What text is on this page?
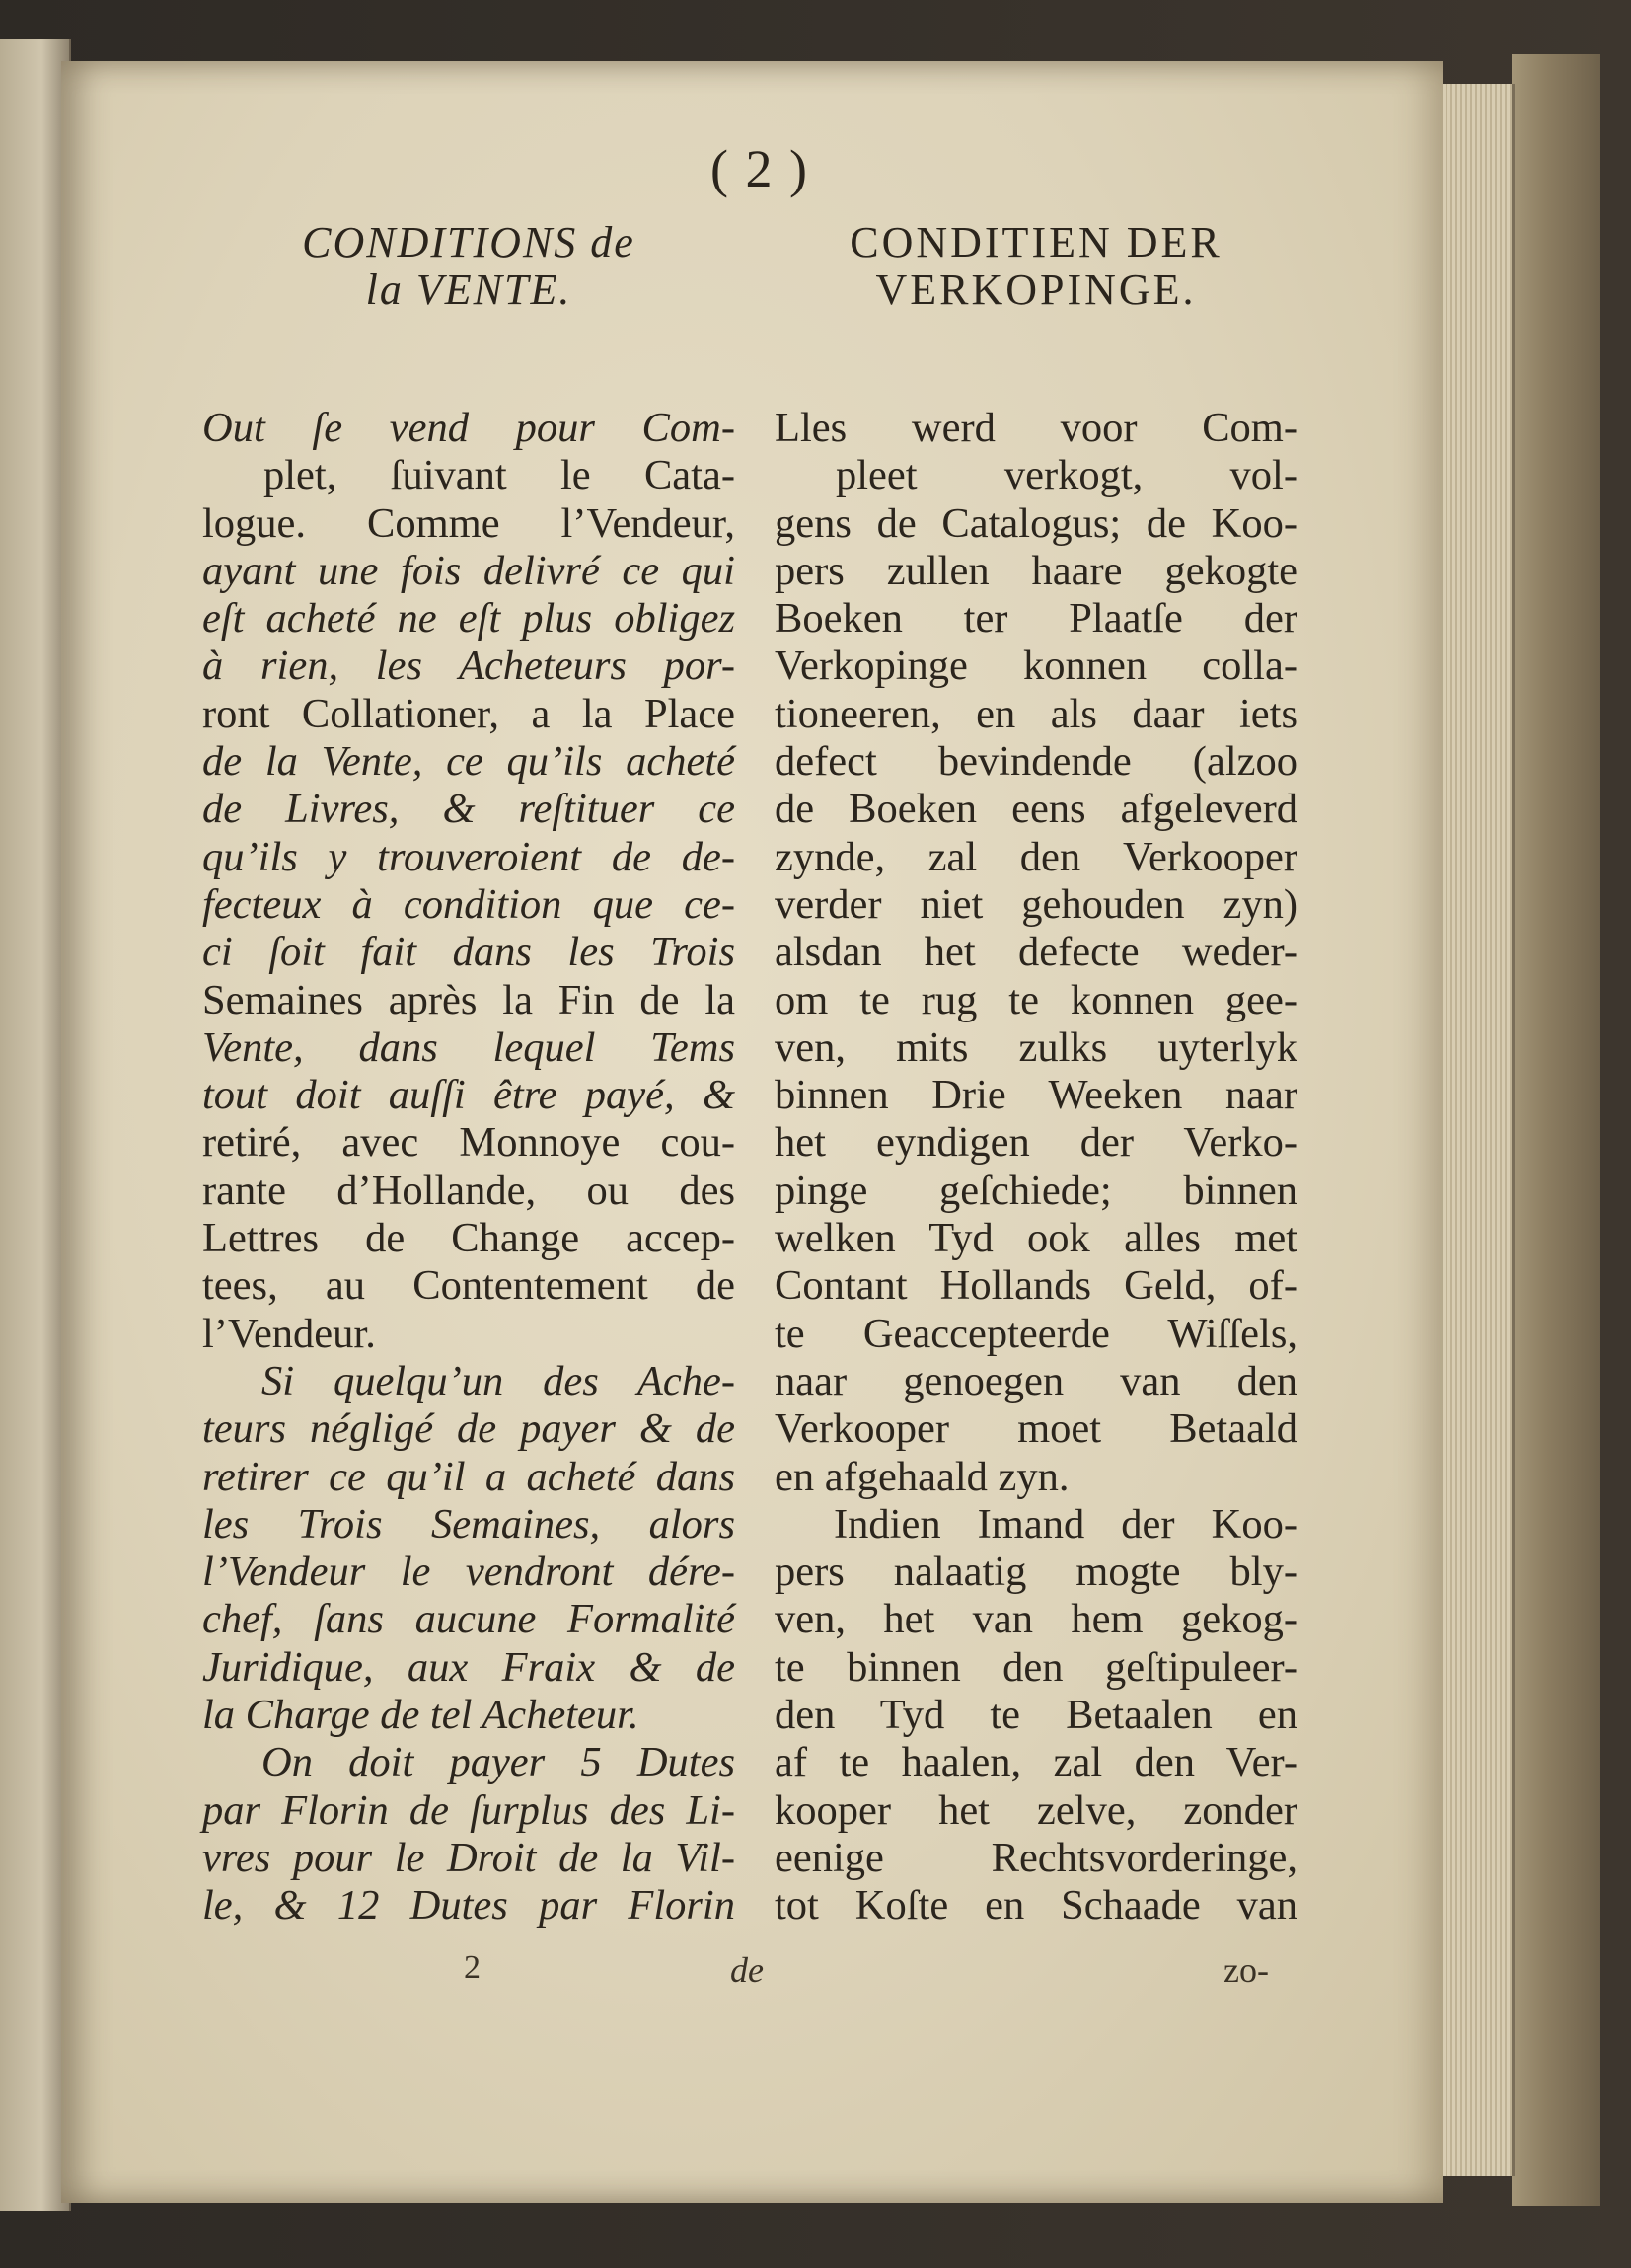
( 2 )
CONDITIONS de
la VENTE.
Out ſe vend pour Com-
plet, ſuivant le Cata-
logue. Comme l’Vendeur,
ayant une fois delivré ce qui
eſt acheté ne eſt plus obligez
à rien, les Acheteurs por-
ront Collationer, a la Place
de la Vente, ce qu’ils acheté
de Livres, & reſtituer ce
qu’ils y trouveroient de de-
fecteux à condition que ce-
ci ſoit fait dans les Trois
Semaines après la Fin de la
Vente, dans lequel Tems
tout doit auſſi être payé, &
retiré, avec Monnoye cou-
rante d’Hollande, ou des
Lettres de Change accep-
tees, au Contentement de
l’Vendeur.
Si quelqu’un des Ache-
teurs négligé de payer & de
retirer ce qu’il a acheté dans
les Trois Semaines, alors
l’Vendeur le vendront dére-
chef, ſans aucune Formalité
Juridique, aux Fraix & de
la Charge de tel Acheteur.
On doit payer 5 Dutes
par Florin de ſurplus des Li-
vres pour le Droit de la Vil-
le, & 12 Dutes par Florin
CONDITIEN DER
VERKOPINGE.
Lles werd voor Com-
pleet verkogt, vol-
gens de Catalogus; de Koo-
pers zullen haare gekogte
Boeken ter Plaatſe der
Verkopinge konnen colla-
tioneeren, en als daar iets
defect bevindende (alzoo
de Boeken eens afgeleverd
zynde, zal den Verkooper
verder niet gehouden zyn)
alsdan het defecte weder-
om te rug te konnen gee-
ven, mits zulks uyterlyk
binnen Drie Weeken naar
het eyndigen der Verko-
pinge geſchiede; binnen
welken Tyd ook alles met
Contant Hollands Geld, of-
te Geaccepteerde Wiſſels,
naar genoegen van den
Verkooper moet Betaald
en afgehaald zyn.
Indien Imand der Koo-
pers nalaatig mogte bly-
ven, het van hem gekog-
te binnen den geſtipuleer-
den Tyd te Betaalen en
af te haalen, zal den Ver-
kooper het zelve, zonder
eenige Rechtsvorderinge,
tot Koſte en Schaade van
2	de	zo-
